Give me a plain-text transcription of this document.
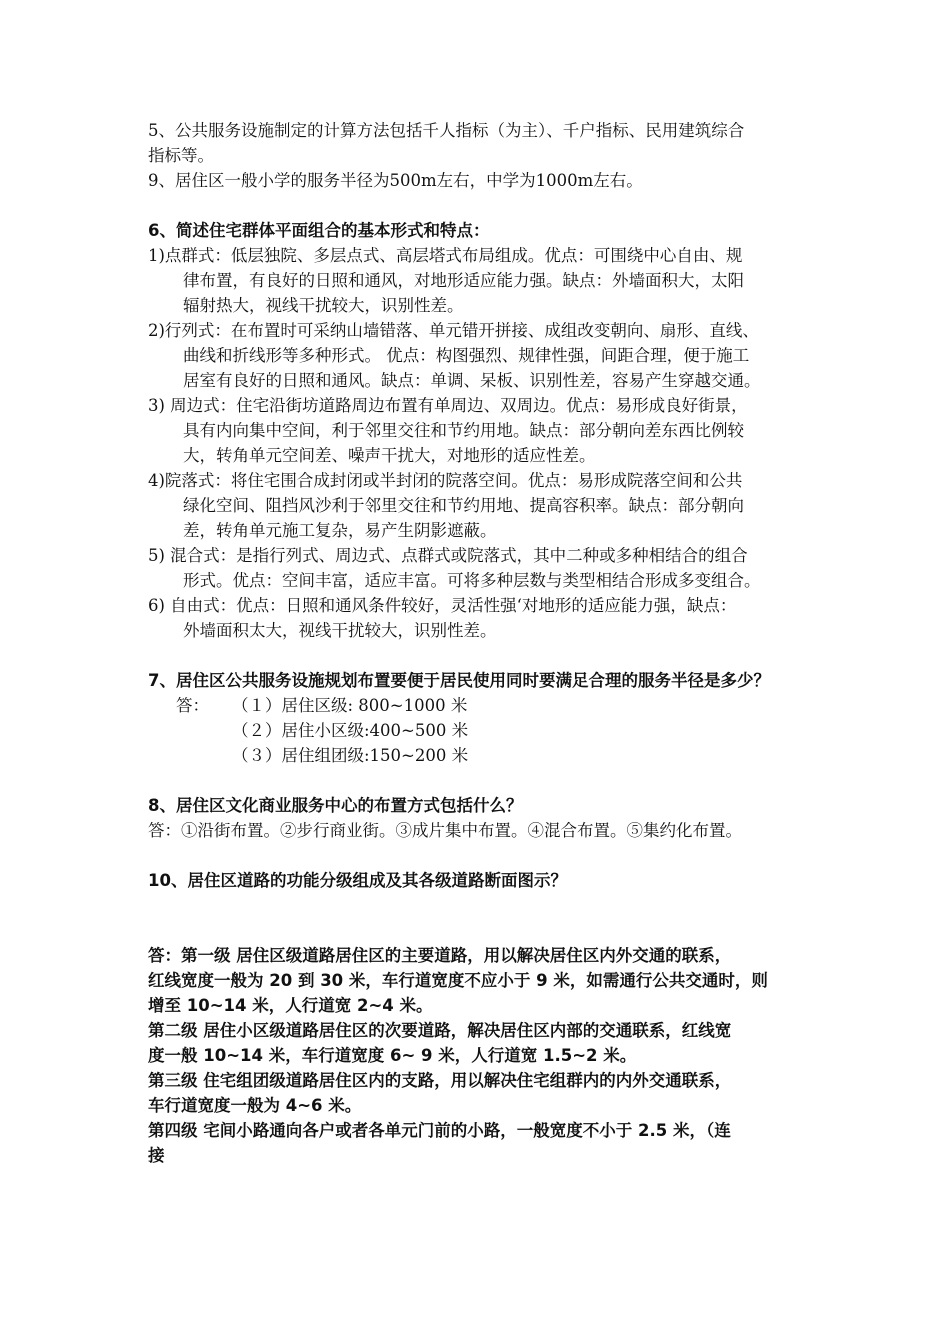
5、公共服务设施制定的计算方法包括千人指标（为主）、千户指标、民用建筑综合
指标等。
9、居住区一般小学的服务半径为500m左右，中学为1000m左右。
6、简述住宅群体平面组合的基本形式和特点：
1)点群式：低层独院、多层点式、高层塔式布局组成。优点：可围绕中心自由、规
律布置，有良好的日照和通风，对地形适应能力强。缺点：外墙面积大，太阳
辐射热大，视线干扰较大，识别性差。
2)行列式：在布置时可采纳山墙错落、单元错开拼接、成组改变朝向、扇形、直线、
曲线和折线形等多种形式。 优点：构图强烈、规律性强，间距合理，便于施工
居室有良好的日照和通风。缺点：单调、呆板、识别性差，容易产生穿越交通。
3) 周边式：住宅沿街坊道路周边布置有单周边、双周边。优点：易形成良好街景，
具有内向集中空间，利于邻里交往和节约用地。缺点：部分朝向差东西比例较
大，转角单元空间差、噪声干扰大，对地形的适应性差。
4)院落式：将住宅围合成封闭或半封闭的院落空间。优点：易形成院落空间和公共
绿化空间、阻挡风沙利于邻里交往和节约用地、提高容积率。缺点：部分朝向
差，转角单元施工复杂，易产生阴影遮蔽。
5) 混合式：是指行列式、周边式、点群式或院落式，其中二种或多种相结合的组合
形式。优点：空间丰富，适应丰富。可将多种层数与类型相结合形成多变组合。
6) 自由式：优点：日照和通风条件较好，灵活性强‘对地形的适应能力强，缺点：
外墙面积太大，视线干扰较大，识别性差。
7、居住区公共服务设施规划布置要便于居民使用同时要满足合理的服务半径是多少？
答： （１）居住区级: 800~1000 米
（２）居住小区级:400~500 米
（３）居住组团级:150~200 米
8、居住区文化商业服务中心的布置方式包括什么？
答：①沿街布置。②步行商业街。③成片集中布置。④混合布置。⑤集约化布置。
10、居住区道路的功能分级组成及其各级道路断面图示？
答：第一级 居住区级道路居住区的主要道路，用以解决居住区内外交通的联系，
红线宽度一般为 20 到 30 米，车行道宽度不应小于 9 米，如需通行公共交通时，则
增至 10~14 米，人行道宽 2~4 米。
第二级 居住小区级道路居住区的次要道路，解决居住区内部的交通联系，红线宽
度一般 10~14 米，车行道宽度 6~ 9 米，人行道宽 1.5~2 米。
第三级 住宅组团级道路居住区内的支路，用以解决住宅组群内的内外交通联系，
车行道宽度一般为 4~6 米。
第四级 宅间小路通向各户或者各单元门前的小路，一般宽度不小于 2.5 米，（连
接
